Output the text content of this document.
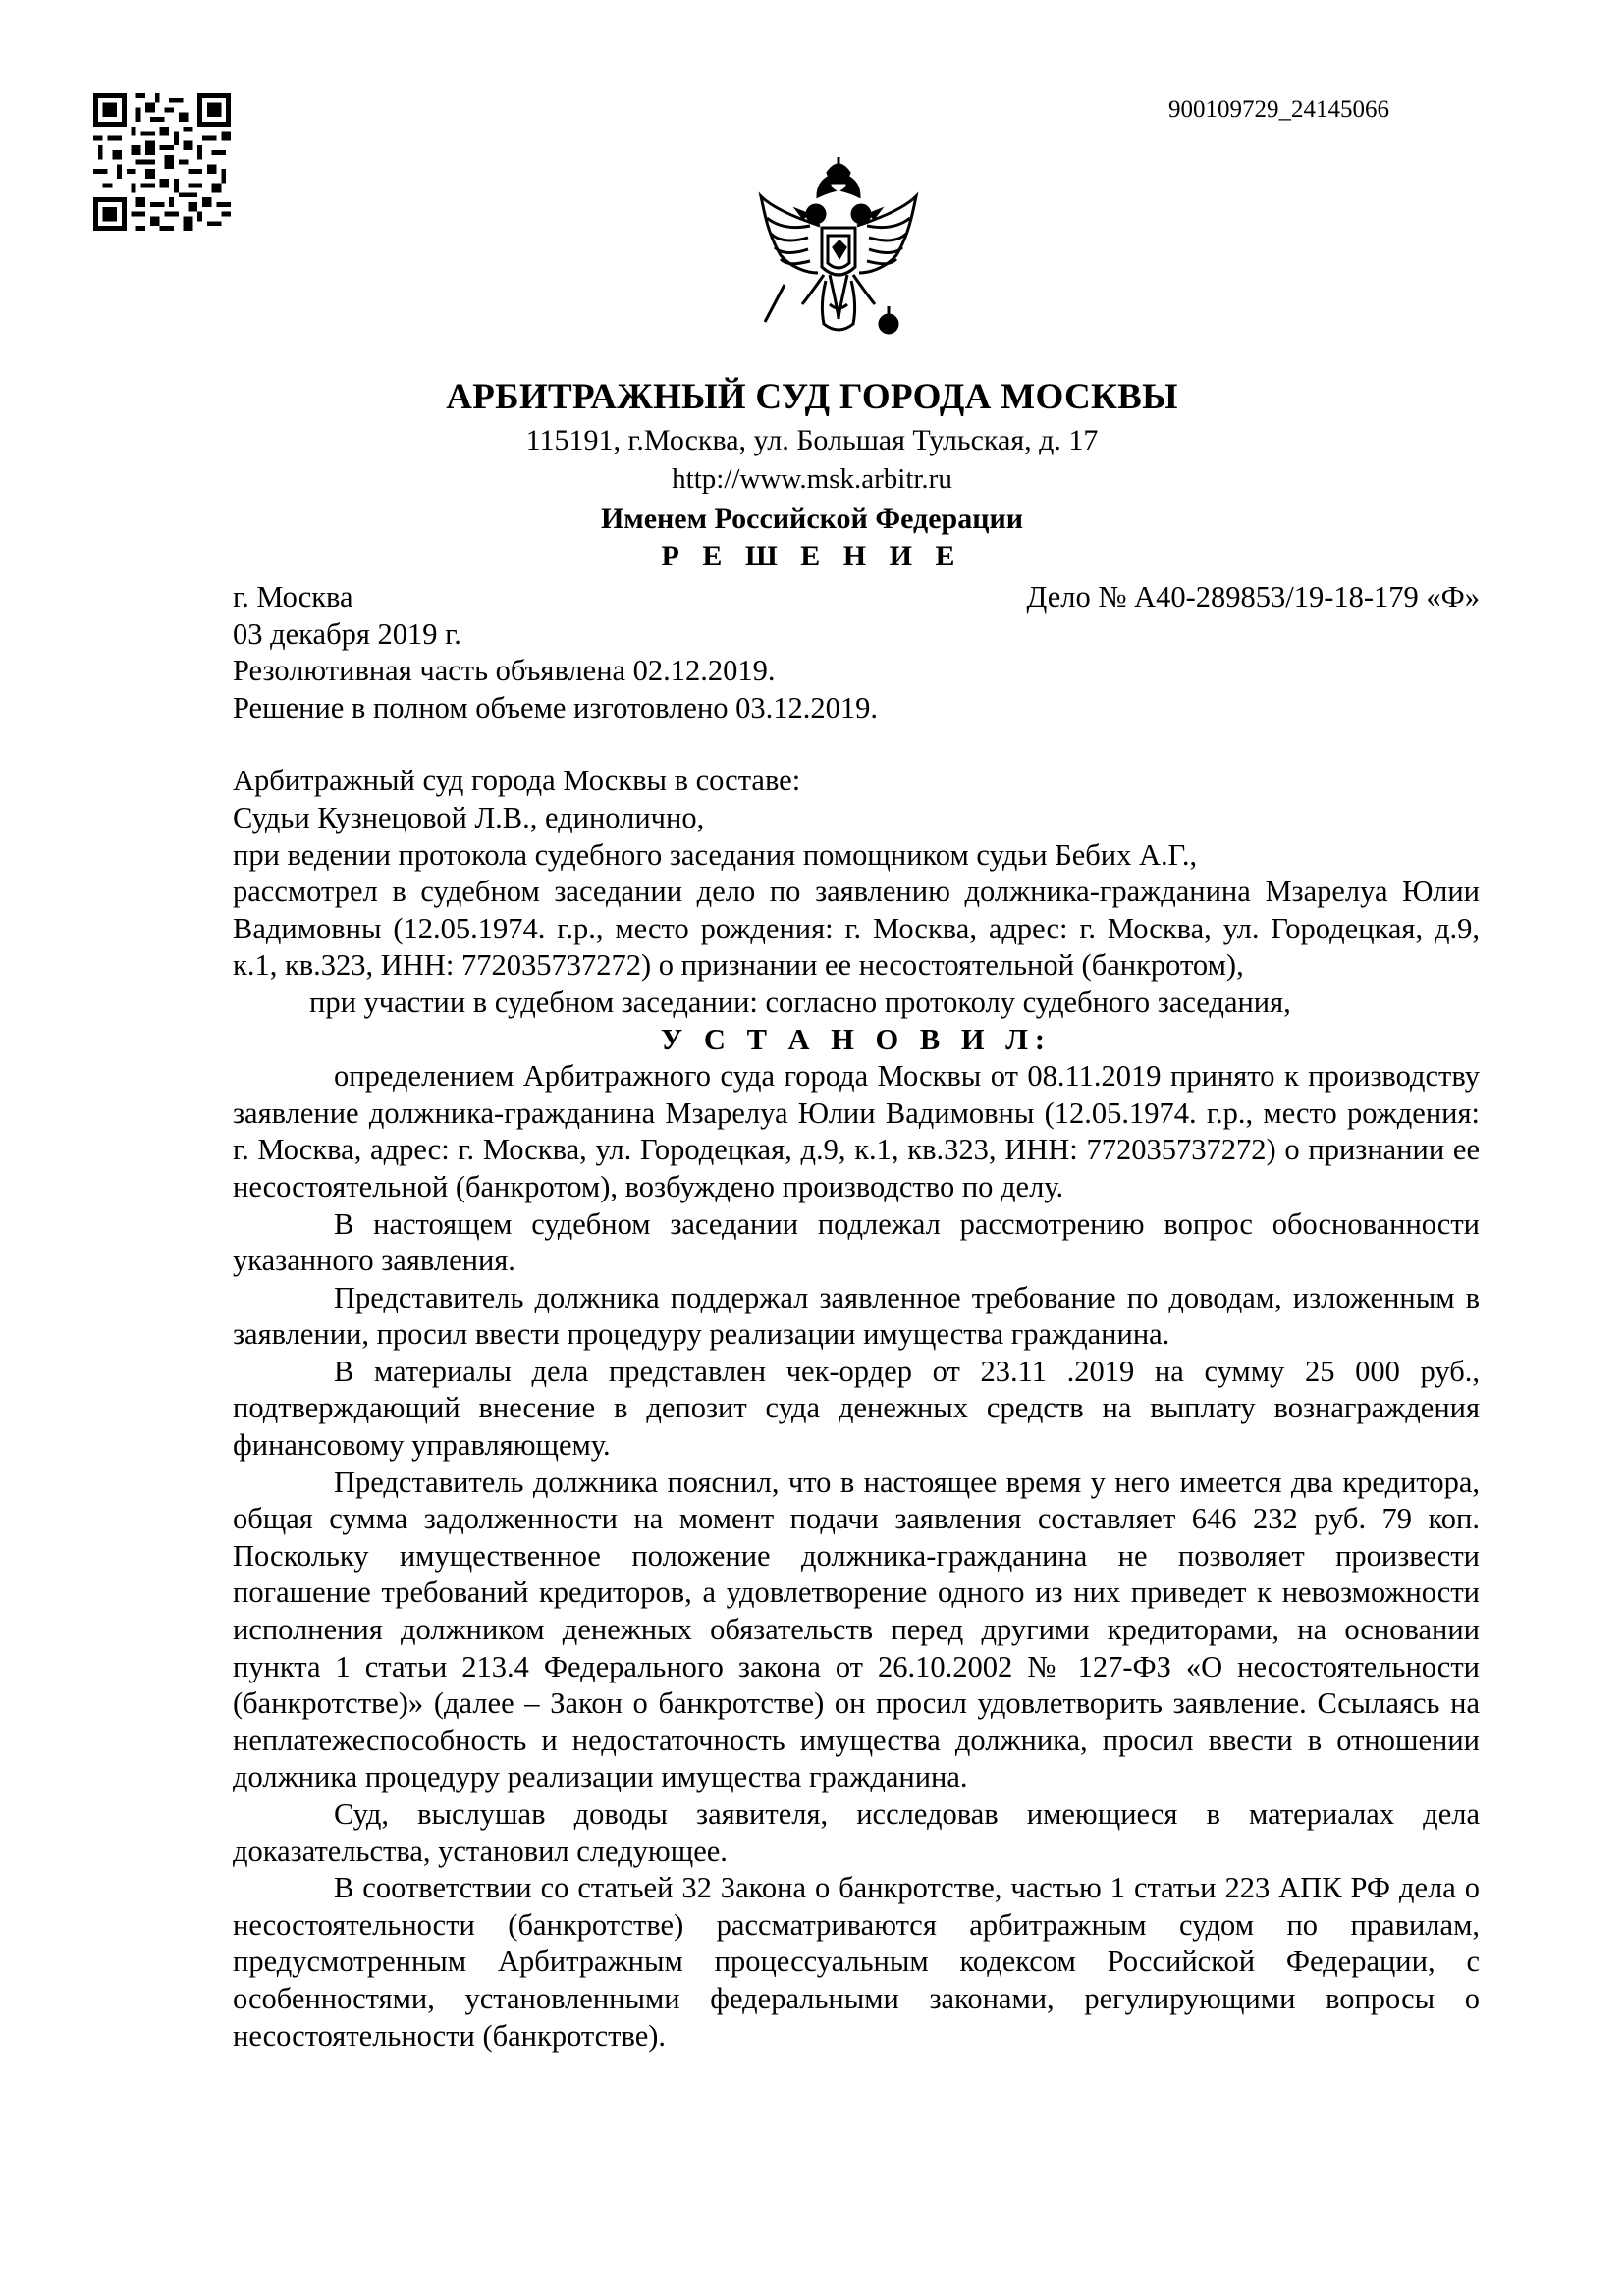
900109729_24145066
АРБИТРАЖНЫЙ СУД ГОРОДА МОСКВЫ
115191, г.Москва, ул. Большая Тульская, д. 17
http://www.msk.arbitr.ru
Именем Российской Федерации
Р Е Ш Е Н И Е
г. Москва	Дело № А40-289853/19-18-179 «Ф»
03 декабря 2019 г.
Резолютивная часть объявлена 02.12.2019.
Решение в полном объеме изготовлено 03.12.2019.
Арбитражный суд города Москвы в составе:
Судьи Кузнецовой Л.В., единолично,
при ведении протокола судебного заседания помощником судьи Бебих А.Г.,
рассмотрел в судебном заседании дело по заявлению должника-гражданина Мзарелуа Юлии Вадимовны (12.05.1974. г.р., место рождения: г. Москва, адрес: г. Москва, ул. Городецкая, д.9, к.1, кв.323, ИНН: 772035737272) о признании ее несостоятельной (банкротом),
при участии в судебном заседании: согласно протоколу судебного заседания,
У С Т А Н О В И Л:
определением Арбитражного суда города Москвы от 08.11.2019 принято к производству заявление должника-гражданина Мзарелуа Юлии Вадимовны (12.05.1974. г.р., место рождения: г. Москва, адрес: г. Москва, ул. Городецкая, д.9, к.1, кв.323, ИНН: 772035737272) о признании ее несостоятельной (банкротом), возбуждено производство по делу.
В настоящем судебном заседании подлежал рассмотрению вопрос обоснованности указанного заявления.
Представитель должника поддержал заявленное требование по доводам, изложенным в заявлении, просил ввести процедуру реализации имущества гражданина.
В материалы дела представлен чек-ордер от 23.11 .2019 на сумму 25 000 руб., подтверждающий внесение в депозит суда денежных средств на выплату вознаграждения финансовому управляющему.
Представитель должника пояснил, что в настоящее время у него имеется два кредитора, общая сумма задолженности на момент подачи заявления составляет 646 232 руб. 79 коп. Поскольку имущественное положение должника-гражданина не позволяет произвести погашение требований кредиторов, а удовлетворение одного из них приведет к невозможности исполнения должником денежных обязательств перед другими кредиторами, на основании пункта 1 статьи 213.4 Федерального закона от 26.10.2002 № 127-ФЗ «О несостоятельности (банкротстве)» (далее – Закон о банкротстве) он просил удовлетворить заявление. Ссылаясь на неплатежеспособность и недостаточность имущества должника, просил ввести в отношении должника процедуру реализации имущества гражданина.
Суд, выслушав доводы заявителя, исследовав имеющиеся в материалах дела доказательства, установил следующее.
В соответствии со статьей 32 Закона о банкротстве, частью 1 статьи 223 АПК РФ дела о несостоятельности (банкротстве) рассматриваются арбитражным судом по правилам, предусмотренным Арбитражным процессуальным кодексом Российской Федерации, с особенностями, установленными федеральными законами, регулирующими вопросы о несостоятельности (банкротстве).
